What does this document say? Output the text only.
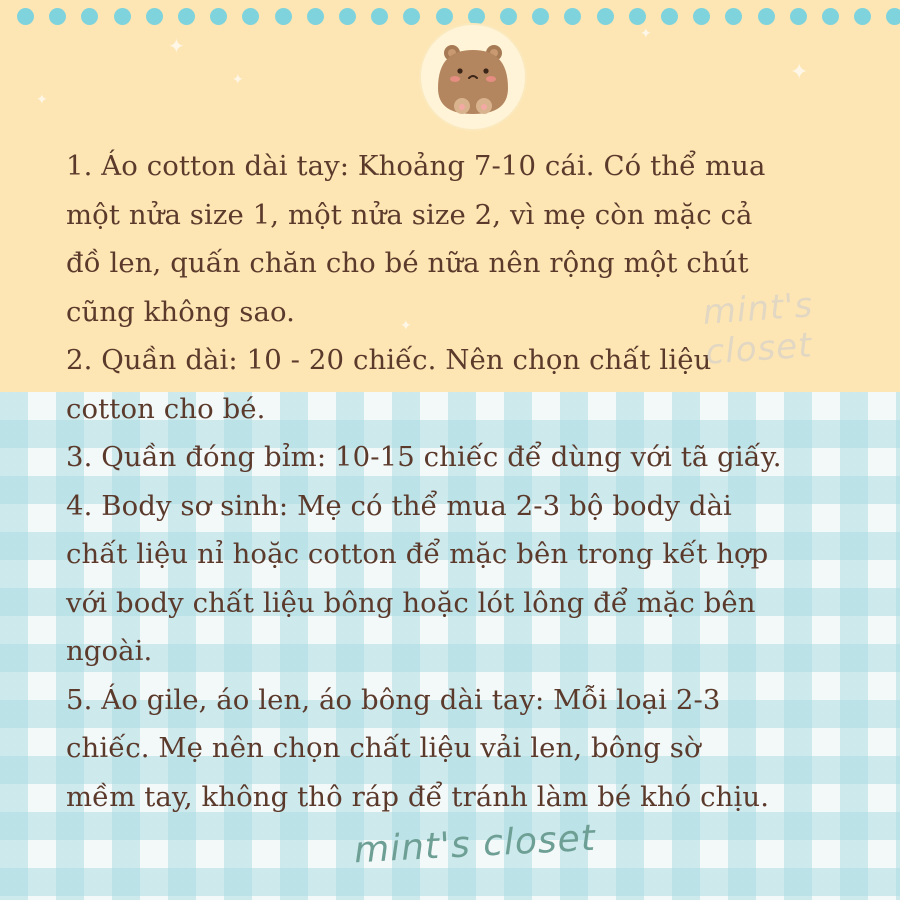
✦
✦
✦
✦
✦
✦

1. Áo cotton dài tay: Khoảng 7-10 cái. Có thể mua

một nửa size 1, một nửa size 2, vì mẹ còn mặc cả

đồ len, quấn chăn cho bé nữa nên rộng một chút

cũng không sao.

2. Quần dài: 10 - 20 chiếc. Nên chọn chất liệu

cotton cho bé.

3. Quần đóng bỉm: 10-15 chiếc để dùng với tã giấy.

4. Body sơ sinh: Mẹ có thể mua 2-3 bộ body dài

chất liệu nỉ hoặc cotton để mặc bên trong kết hợp

với body chất liệu bông hoặc lót lông để mặc bên

ngoài.

5. Áo gile, áo len, áo bông dài tay: Mỗi loại 2-3

chiếc. Mẹ nên chọn chất liệu vải len, bông sờ

mềm tay, không thô ráp để tránh làm bé khó chịu.

mint's closet
mint's closet
